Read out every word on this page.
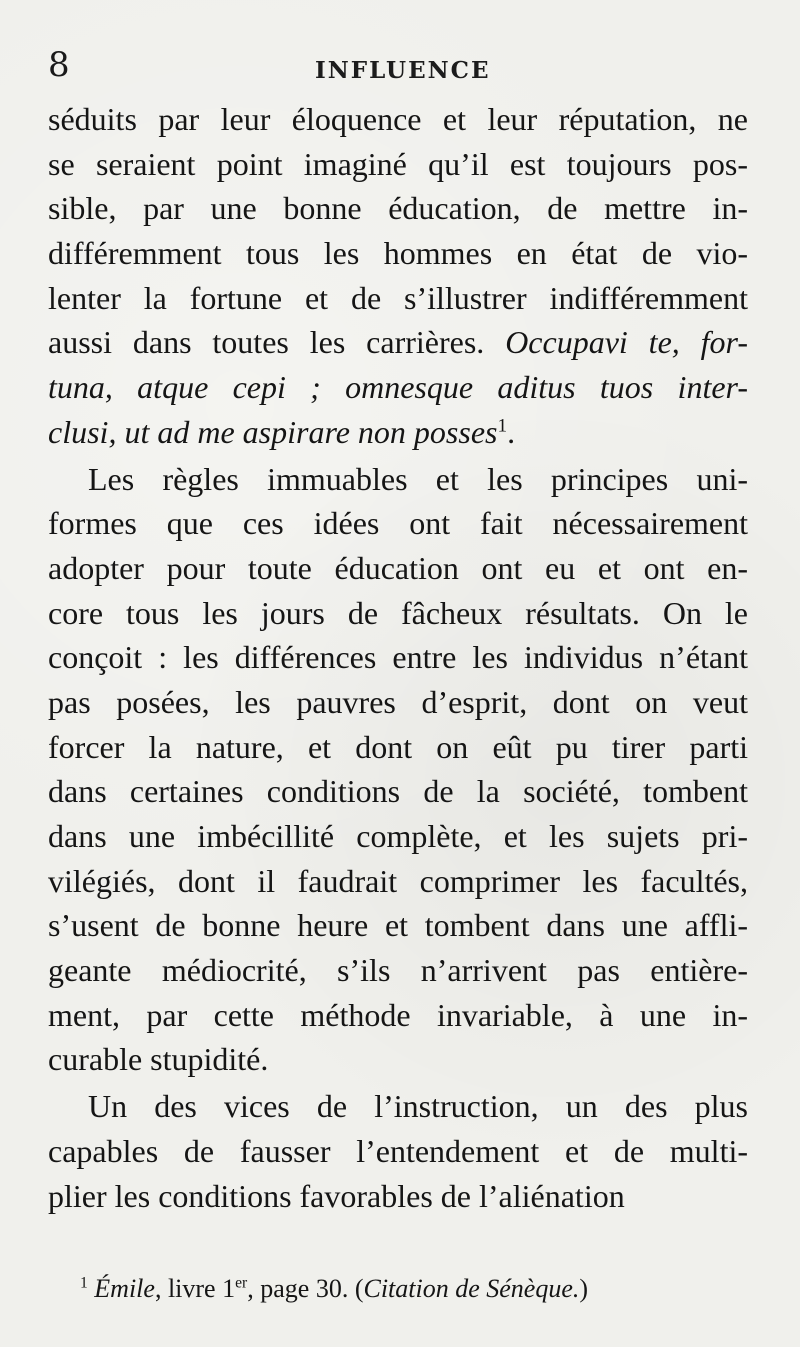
8	INFLUENCE
séduits par leur éloquence et leur réputation, ne
se seraient point imaginé qu’il est toujours pos-
sible, par une bonne éducation, de mettre in-
différemment tous les hommes en état de vio-
lenter la fortune et de s’illustrer indifféremment
aussi dans toutes les carrières. Occupavi te, for-
tuna, atque cepi ; omnesque aditus tuos inter-
clusi, ut ad me aspirare non posses$^1$.
Les règles immuables et les principes uni-
formes que ces idées ont fait nécessairement
adopter pour toute éducation ont eu et ont en-
core tous les jours de fâcheux résultats. On le
conçoit : les différences entre les individus n’étant
pas posées, les pauvres d’esprit, dont on veut
forcer la nature, et dont on eût pu tirer parti
dans certaines conditions de la société, tombent
dans une imbécillité complète, et les sujets pri-
vilégiés, dont il faudrait comprimer les facultés,
s’usent de bonne heure et tombent dans une affli-
geante médiocrité, s’ils n’arrivent pas entière-
ment, par cette méthode invariable, à une in-
curable stupidité.
Un des vices de l’instruction, un des plus
capables de fausser l’entendement et de multi-
plier les conditions favorables de l’aliénation
$^1$ Émile, livre 1er, page 30. (Citation de Sénèque.)
